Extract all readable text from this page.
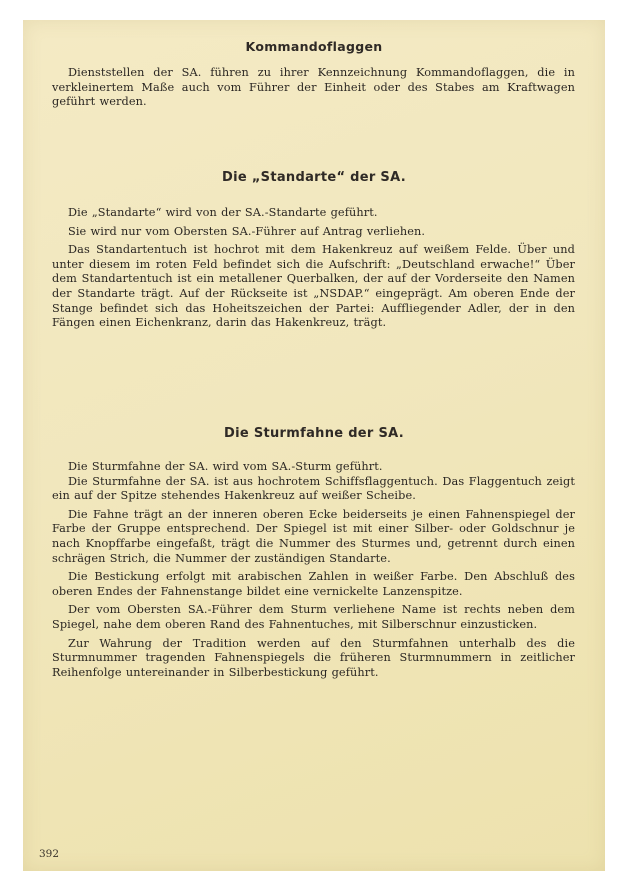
Kommandoflaggen

Dienststellen der SA. führen zu ihrer Kennzeichnung Kommandoflaggen, die in verkleinertem Maße auch vom Führer der Einheit oder des Stabes am Kraftwagen geführt werden.

Die „Standarte“ der SA.

Die „Standarte“ wird von der SA.-Standarte geführt.

Sie wird nur vom Obersten SA.-Führer auf Antrag verliehen.

Das Standartentuch ist hochrot mit dem Hakenkreuz auf weißem Felde. Über und unter diesem im roten Feld befindet sich die Aufschrift: „Deutschland erwache!“ Über dem Standartentuch ist ein metallener Querbalken, der auf der Vorderseite den Namen der Standarte trägt. Auf der Rückseite ist „NSDAP.“ eingeprägt. Am oberen Ende der Stange befindet sich das Hoheitszeichen der Partei: Auffliegender Adler, der in den Fängen einen Eichenkranz, darin das Hakenkreuz, trägt.

Die Sturmfahne der SA.

Die Sturmfahne der SA. wird vom SA.-Sturm geführt.

Die Sturmfahne der SA. ist aus hochrotem Schiffsflaggentuch. Das Flaggentuch zeigt ein auf der Spitze stehendes Hakenkreuz auf weißer Scheibe.

Die Fahne trägt an der inneren oberen Ecke beiderseits je einen Fahnenspiegel der Farbe der Gruppe entsprechend. Der Spiegel ist mit einer Silber- oder Goldschnur je nach Knopffarbe eingefaßt, trägt die Nummer des Sturmes und, getrennt durch einen schrägen Strich, die Nummer der zuständigen Standarte.

Die Bestickung erfolgt mit arabischen Zahlen in weißer Farbe. Den Abschluß des oberen Endes der Fahnenstange bildet eine vernickelte Lanzenspitze.

Der vom Obersten SA.-Führer dem Sturm verliehene Name ist rechts neben dem Spiegel, nahe dem oberen Rand des Fahnentuches, mit Silberschnur einzusticken.

Zur Wahrung der Tradition werden auf den Sturmfahnen unterhalb des die Sturmnummer tragenden Fahnenspiegels die früheren Sturmnummern in zeitlicher Reihenfolge untereinander in Silberbestickung geführt.

392
